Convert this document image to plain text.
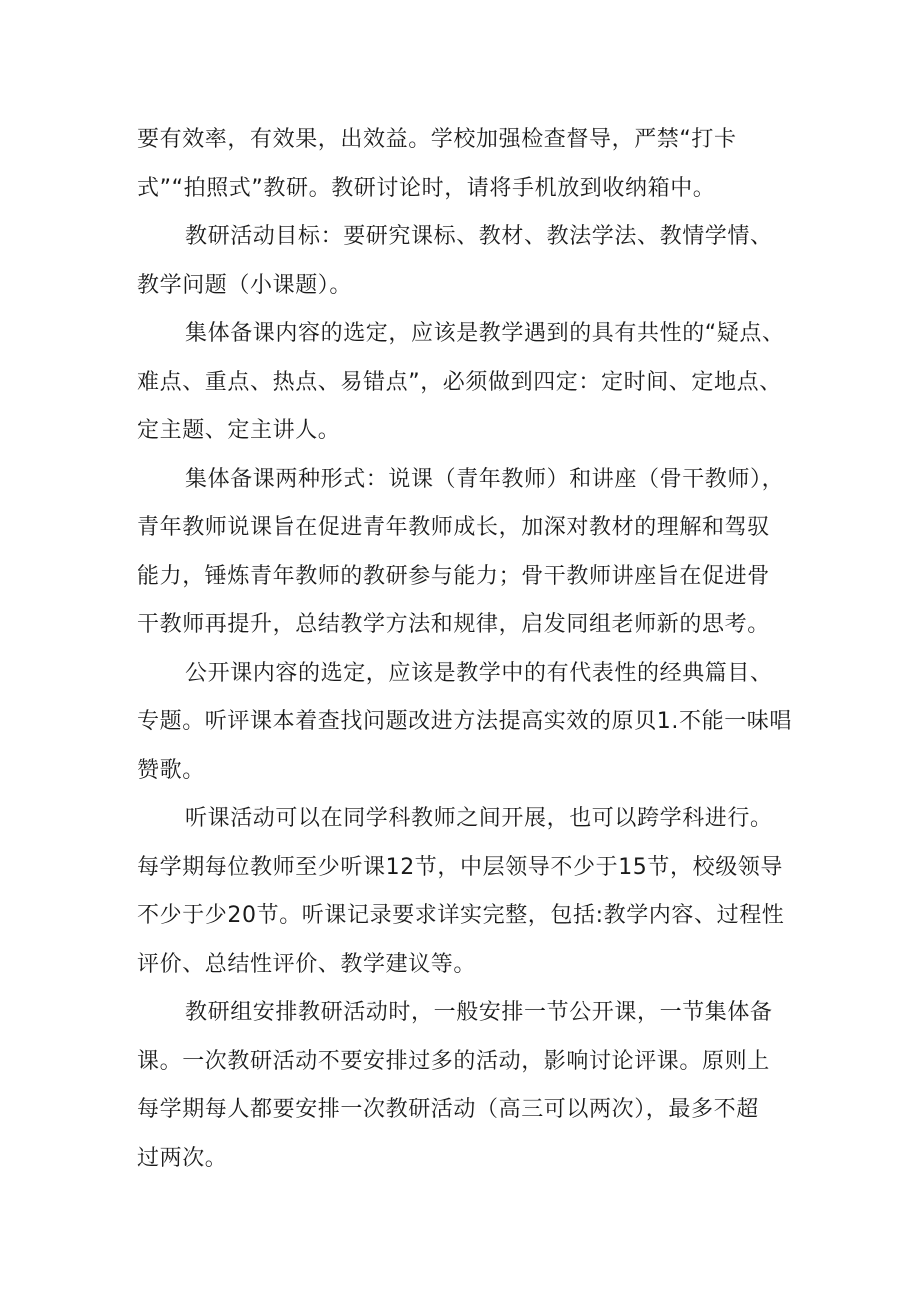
要有效率，有效果，出效益。学校加强检查督导，严禁“打卡
式”“拍照式”教研。教研讨论时，请将手机放到收纳箱中。
教研活动目标：要研究课标、教材、教法学法、教情学情、
教学问题（小课题）。
集体备课内容的选定，应该是教学遇到的具有共性的“疑点、
难点、重点、热点、易错点”，必须做到四定：定时间、定地点、
定主题、定主讲人。
集体备课两种形式：说课（青年教师）和讲座（骨干教师），
青年教师说课旨在促进青年教师成长，加深对教材的理解和驾驭
能力，锤炼青年教师的教研参与能力；骨干教师讲座旨在促进骨
干教师再提升，总结教学方法和规律，启发同组老师新的思考。
公开课内容的选定，应该是教学中的有代表性的经典篇目、
专题。听评课本着查找问题改进方法提高实效的原贝1.不能一味唱
赞歌。
听课活动可以在同学科教师之间开展，也可以跨学科进行。
每学期每位教师至少听课12节，中层领导不少于15节，校级领导
不少于少20节。听课记录要求详实完整，包括:教学内容、过程性
评价、总结性评价、教学建议等。
教研组安排教研活动时，一般安排一节公开课，一节集体备
课。一次教研活动不要安排过多的活动，影响讨论评课。原则上
每学期每人都要安排一次教研活动（高三可以两次），最多不超
过两次。
